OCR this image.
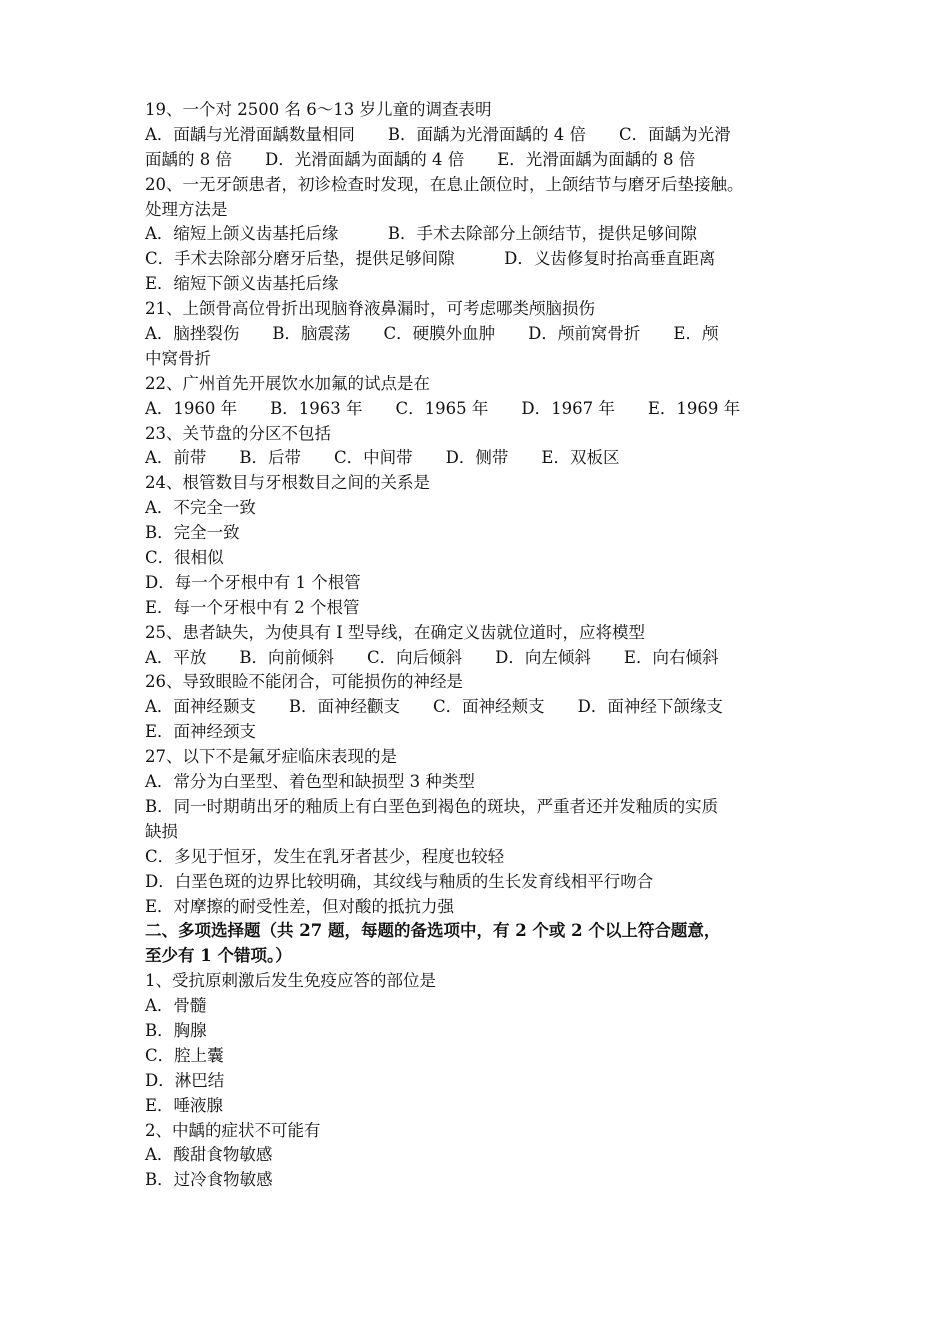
19、一个对 2500 名 6～13 岁儿童的调查表明
A．面龋与光滑面龋数量相同　　B．面龋为光滑面龋的 4 倍　　C．面龋为光滑
面龋的 8 倍　　D．光滑面龋为面龋的 4 倍　　E．光滑面龋为面龋的 8 倍
20、一无牙颌患者，初诊检查时发现，在息止颌位时，上颌结节与磨牙后垫接触。
处理方法是
A．缩短上颌义齿基托后缘　　　B．手术去除部分上颌结节，提供足够间隙
C．手术去除部分磨牙后垫，提供足够间隙　　　D．义齿修复时抬高垂直距离
E．缩短下颌义齿基托后缘
21、上颌骨高位骨折出现脑脊液鼻漏时，可考虑哪类颅脑损伤
A．脑挫裂伤　　B．脑震荡　　C．硬膜外血肿　　D．颅前窝骨折　　E．颅
中窝骨折
22、广州首先开展饮水加氟的试点是在
A．1960 年　　B．1963 年　　C．1965 年　　D．1967 年　　E．1969 年
23、关节盘的分区不包括
A．前带　　B．后带　　C．中间带　　D．侧带　　E．双板区
24、根管数目与牙根数目之间的关系是
A．不完全一致
B．完全一致
C．很相似
D．每一个牙根中有 1 个根管
E．每一个牙根中有 2 个根管
25、患者缺失，为使具有 I 型导线，在确定义齿就位道时，应将模型
A．平放　　B．向前倾斜　　C．向后倾斜　　D．向左倾斜　　E．向右倾斜
26、导致眼睑不能闭合，可能损伤的神经是
A．面神经颞支　　B．面神经颧支　　C．面神经颊支　　D．面神经下颌缘支
E．面神经颈支
27、以下不是氟牙症临床表现的是
A．常分为白垩型、着色型和缺损型 3 种类型
B．同一时期萌出牙的釉质上有白垩色到褐色的斑块，严重者还并发釉质的实质
缺损
C．多见于恒牙，发生在乳牙者甚少，程度也较轻
D．白垩色斑的边界比较明确，其纹线与釉质的生长发育线相平行吻合
E．对摩擦的耐受性差，但对酸的抵抗力强
二、多项选择题（共 27 题，每题的备选项中，有 2 个或 2 个以上符合题意，
至少有 1 个错项。）
1、受抗原刺激后发生免疫应答的部位是
A．骨髓
B．胸腺
C．腔上囊
D．淋巴结
E．唾液腺
2、中龋的症状不可能有
A．酸甜食物敏感
B．过冷食物敏感
